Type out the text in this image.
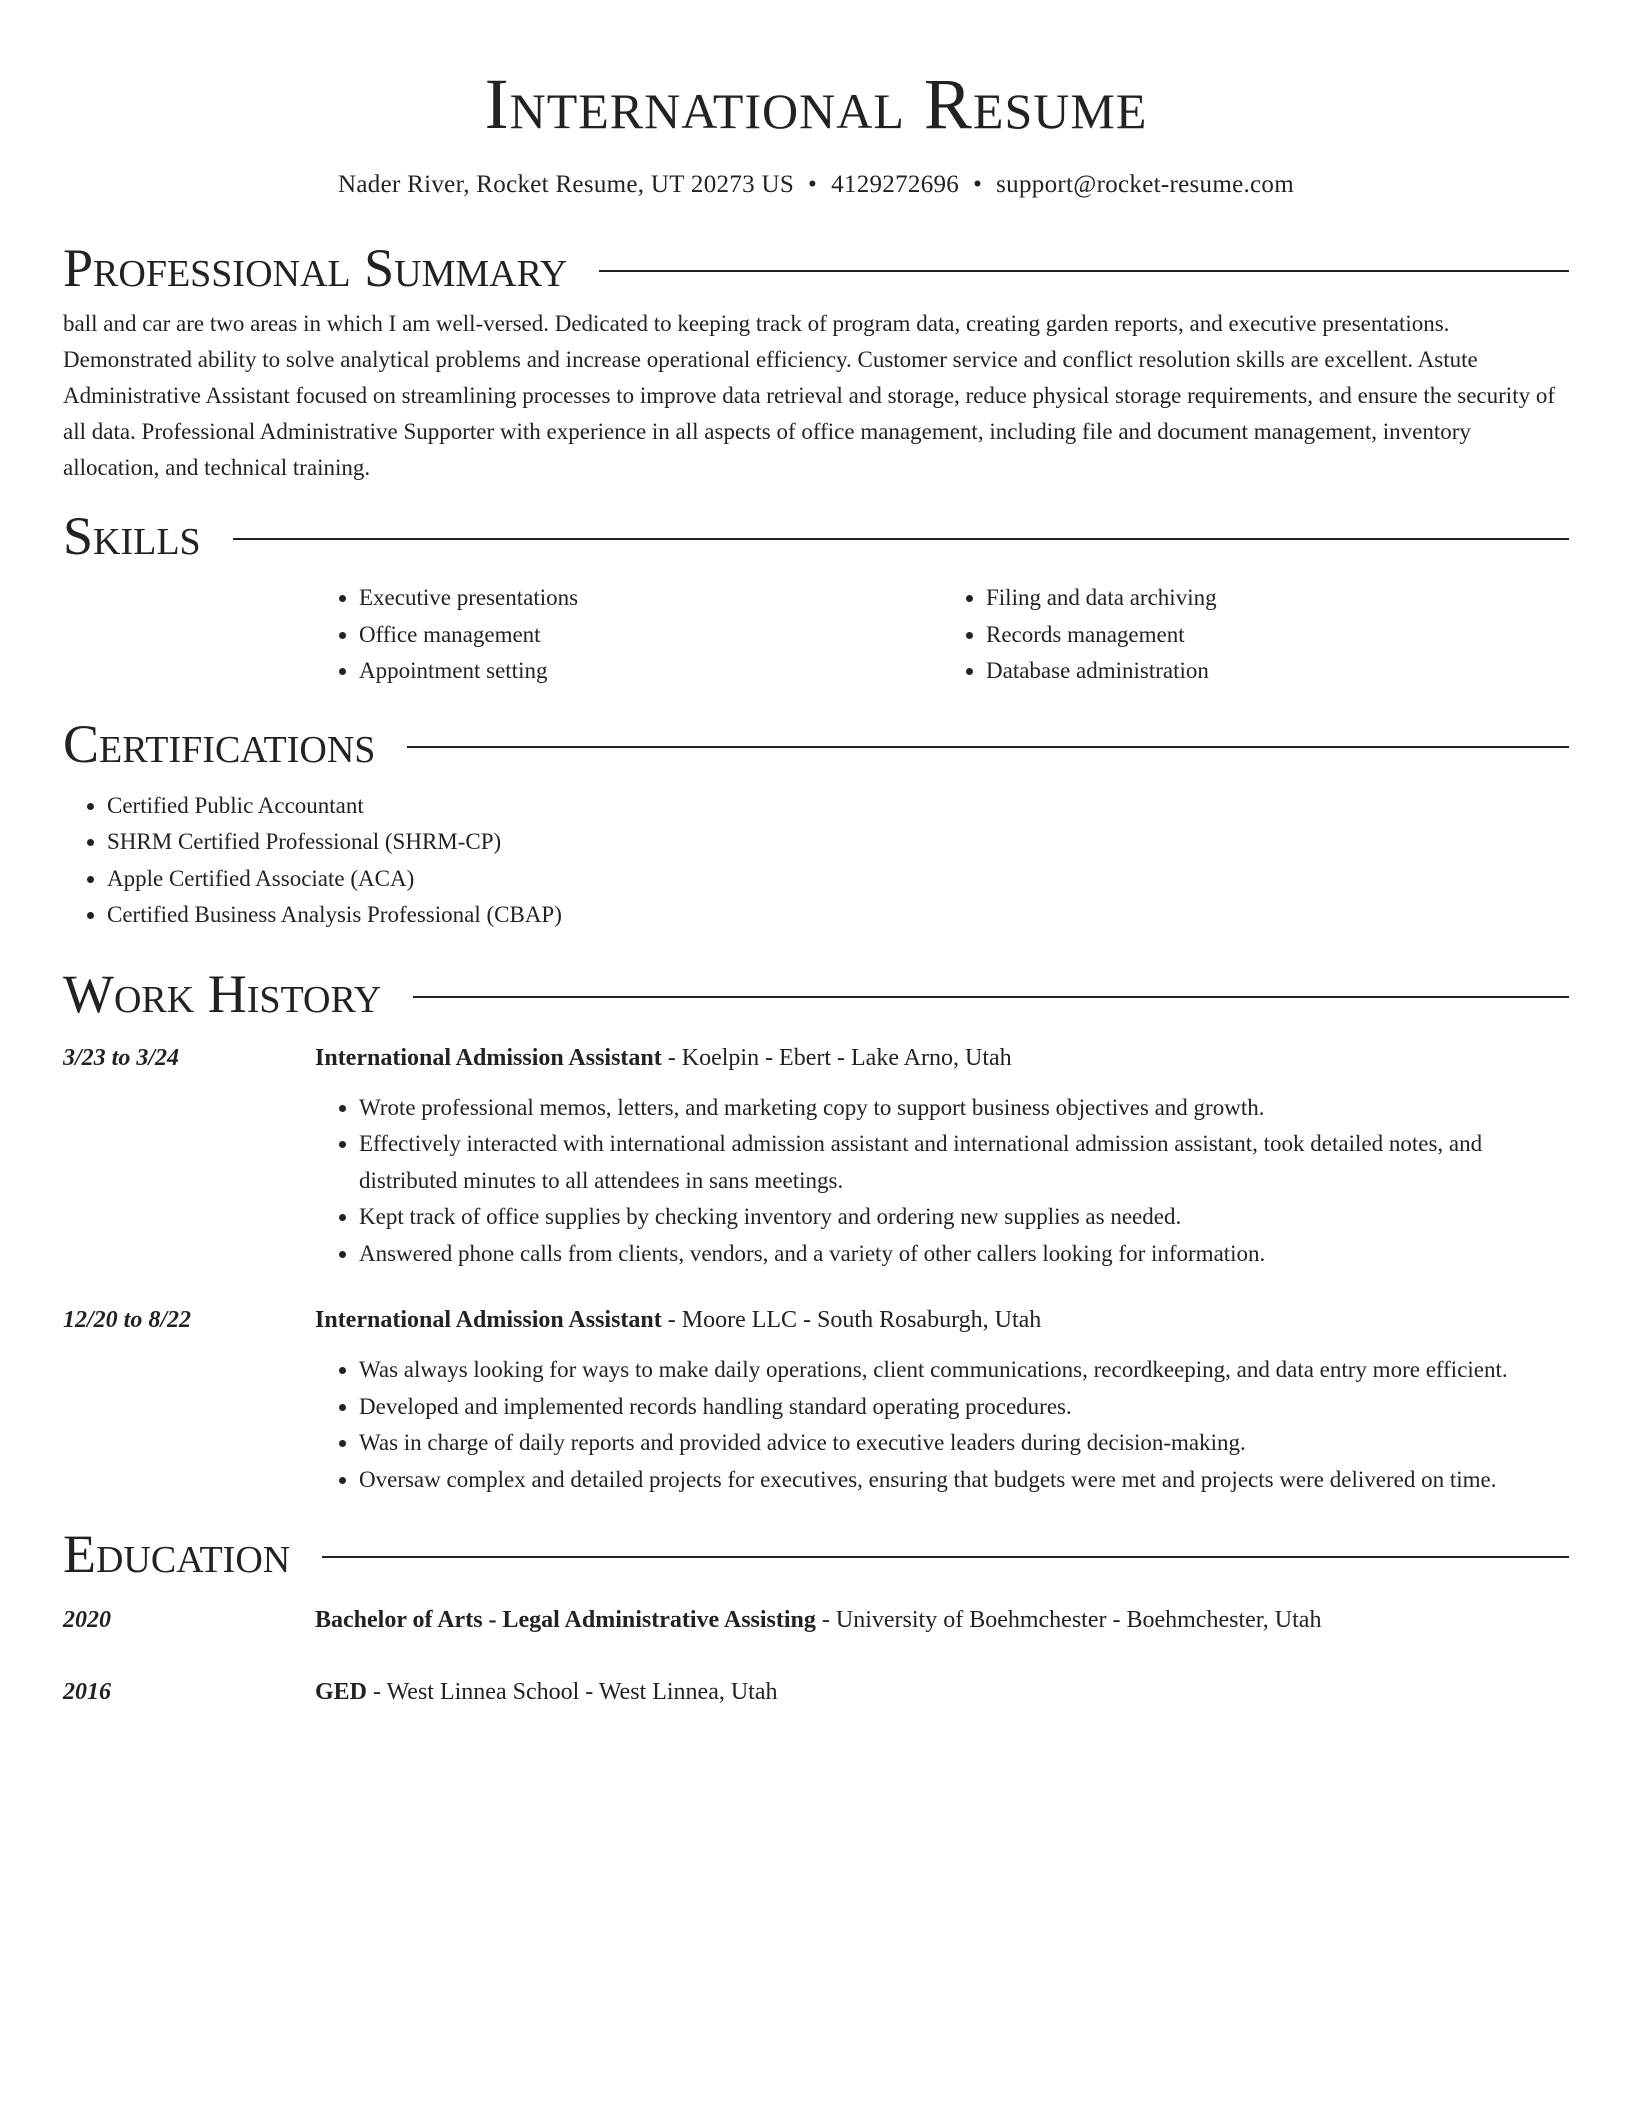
International Resume
Nader River, Rocket Resume, UT 20273 US • 4129272696 • support@rocket-resume.com
Professional Summary

ball and car are two areas in which I am well-versed. Dedicated to keeping track of program data, creating garden reports, and executive presentations. Demonstrated ability to solve analytical problems and increase operational efficiency. Customer service and conflict resolution skills are excellent. Astute Administrative Assistant focused on streamlining processes to improve data retrieval and storage, reduce physical storage requirements, and ensure the security of all data. Professional Administrative Supporter with experience in all aspects of office management, including file and document management, inventory allocation, and technical training.

Skills
• Executive presentations
• Office management
• Appointment setting
• Filing and data archiving
• Records management
• Database administration
Certifications
• Certified Public Accountant
• SHRM Certified Professional (SHRM-CP)
• Apple Certified Associate (ACA)
• Certified Business Analysis Professional (CBAP)
Work History
3/23 to 3/24	International Admission Assistant - Koelpin - Ebert - Lake Arno, Utah

• Wrote professional memos, letters, and marketing copy to support business objectives and growth.
• Effectively interacted with international admission assistant and international admission assistant, took detailed notes, and distributed minutes to all attendees in sans meetings.
• Kept track of office supplies by checking inventory and ordering new supplies as needed.
• Answered phone calls from clients, vendors, and a variety of other callers looking for information.
12/20 to 8/22	International Admission Assistant - Moore LLC - South Rosaburgh, Utah

• Was always looking for ways to make daily operations, client communications, recordkeeping, and data entry more efficient.
• Developed and implemented records handling standard operating procedures.
• Was in charge of daily reports and provided advice to executive leaders during decision-making.
• Oversaw complex and detailed projects for executives, ensuring that budgets were met and projects were delivered on time.
Education
2020	Bachelor of Arts - Legal Administrative Assisting - University of Boehmchester - Boehmchester, Utah

2016	GED - West Linnea School - West Linnea, Utah
